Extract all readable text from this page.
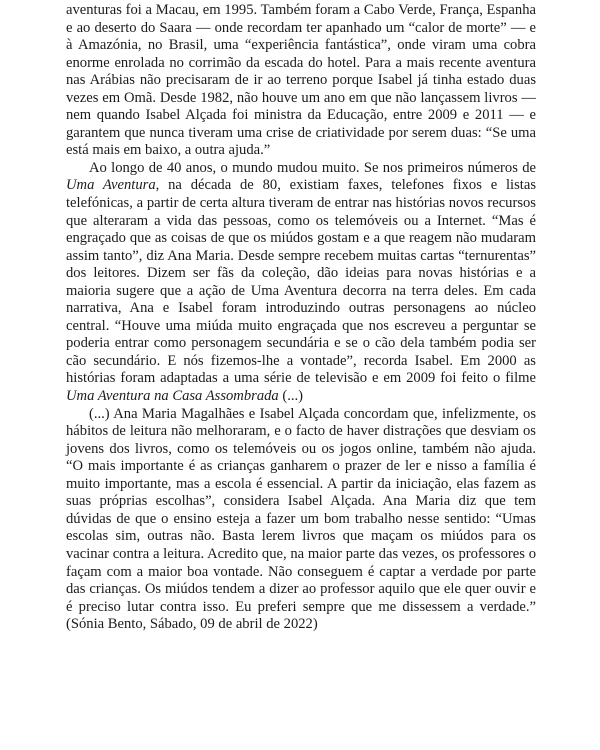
aventuras foi a Macau, em 1995. Também foram a Cabo Verde, França, Espanha e ao deserto do Saara — onde recordam ter apanhado um “calor de morte” — e à Amazónia, no Brasil, uma “experiência fantástica”, onde viram uma cobra enorme enrolada no corrimão da escada do hotel. Para a mais recente aventura nas Arábias não precisaram de ir ao terreno porque Isabel já tinha estado duas vezes em Omã. Desde 1982, não houve um ano em que não lançassem livros — nem quando Isabel Alçada foi ministra da Educação, entre 2009 e 2011 — e garantem que nunca tiveram uma crise de criatividade por serem duas: “Se uma está mais em baixo, a outra ajuda.”

Ao longo de 40 anos, o mundo mudou muito. Se nos primeiros números de Uma Aventura, na década de 80, existiam faxes, telefones fixos e listas telefónicas, a partir de certa altura tiveram de entrar nas histórias novos recursos que alteraram a vida das pessoas, como os telemóveis ou a Internet. “Mas é engraçado que as coisas de que os miúdos gostam e a que reagem não mudaram assim tanto”, diz Ana Maria. Desde sempre recebem muitas cartas “ternurentas” dos leitores. Dizem ser fãs da coleção, dão ideias para novas histórias e a maioria sugere que a ação de Uma Aventura decorra na terra deles. Em cada narrativa, Ana e Isabel foram introduzindo outras personagens ao núcleo central. “Houve uma miúda muito engraçada que nos escreveu a perguntar se poderia entrar como personagem secundária e se o cão dela também podia ser cão secundário. E nós fizemos-lhe a vontade”, recorda Isabel. Em 2000 as histórias foram adaptadas a uma série de televisão e em 2009 foi feito o filme Uma Aventura na Casa Assombrada (...)

(...) Ana Maria Magalhães e Isabel Alçada concordam que, infelizmente, os hábitos de leitura não melhoraram, e o facto de haver distrações que desviam os jovens dos livros, como os telemóveis ou os jogos online, também não ajuda. “O mais importante é as crianças ganharem o prazer de ler e nisso a família é muito importante, mas a escola é essencial. A partir da iniciação, elas fazem as suas próprias escolhas”, considera Isabel Alçada. Ana Maria diz que tem dúvidas de que o ensino esteja a fazer um bom trabalho nesse sentido: “Umas escolas sim, outras não. Basta lerem livros que maçam os miúdos para os vacinar contra a leitura. Acredito que, na maior parte das vezes, os professores o façam com a maior boa vontade. Não conseguem é captar a verdade por parte das crianças. Os miúdos tendem a dizer ao professor aquilo que ele quer ouvir e é preciso lutar contra isso. Eu preferi sempre que me dissessem a verdade.” (Sónia Bento, Sábado, 09 de abril de 2022)
